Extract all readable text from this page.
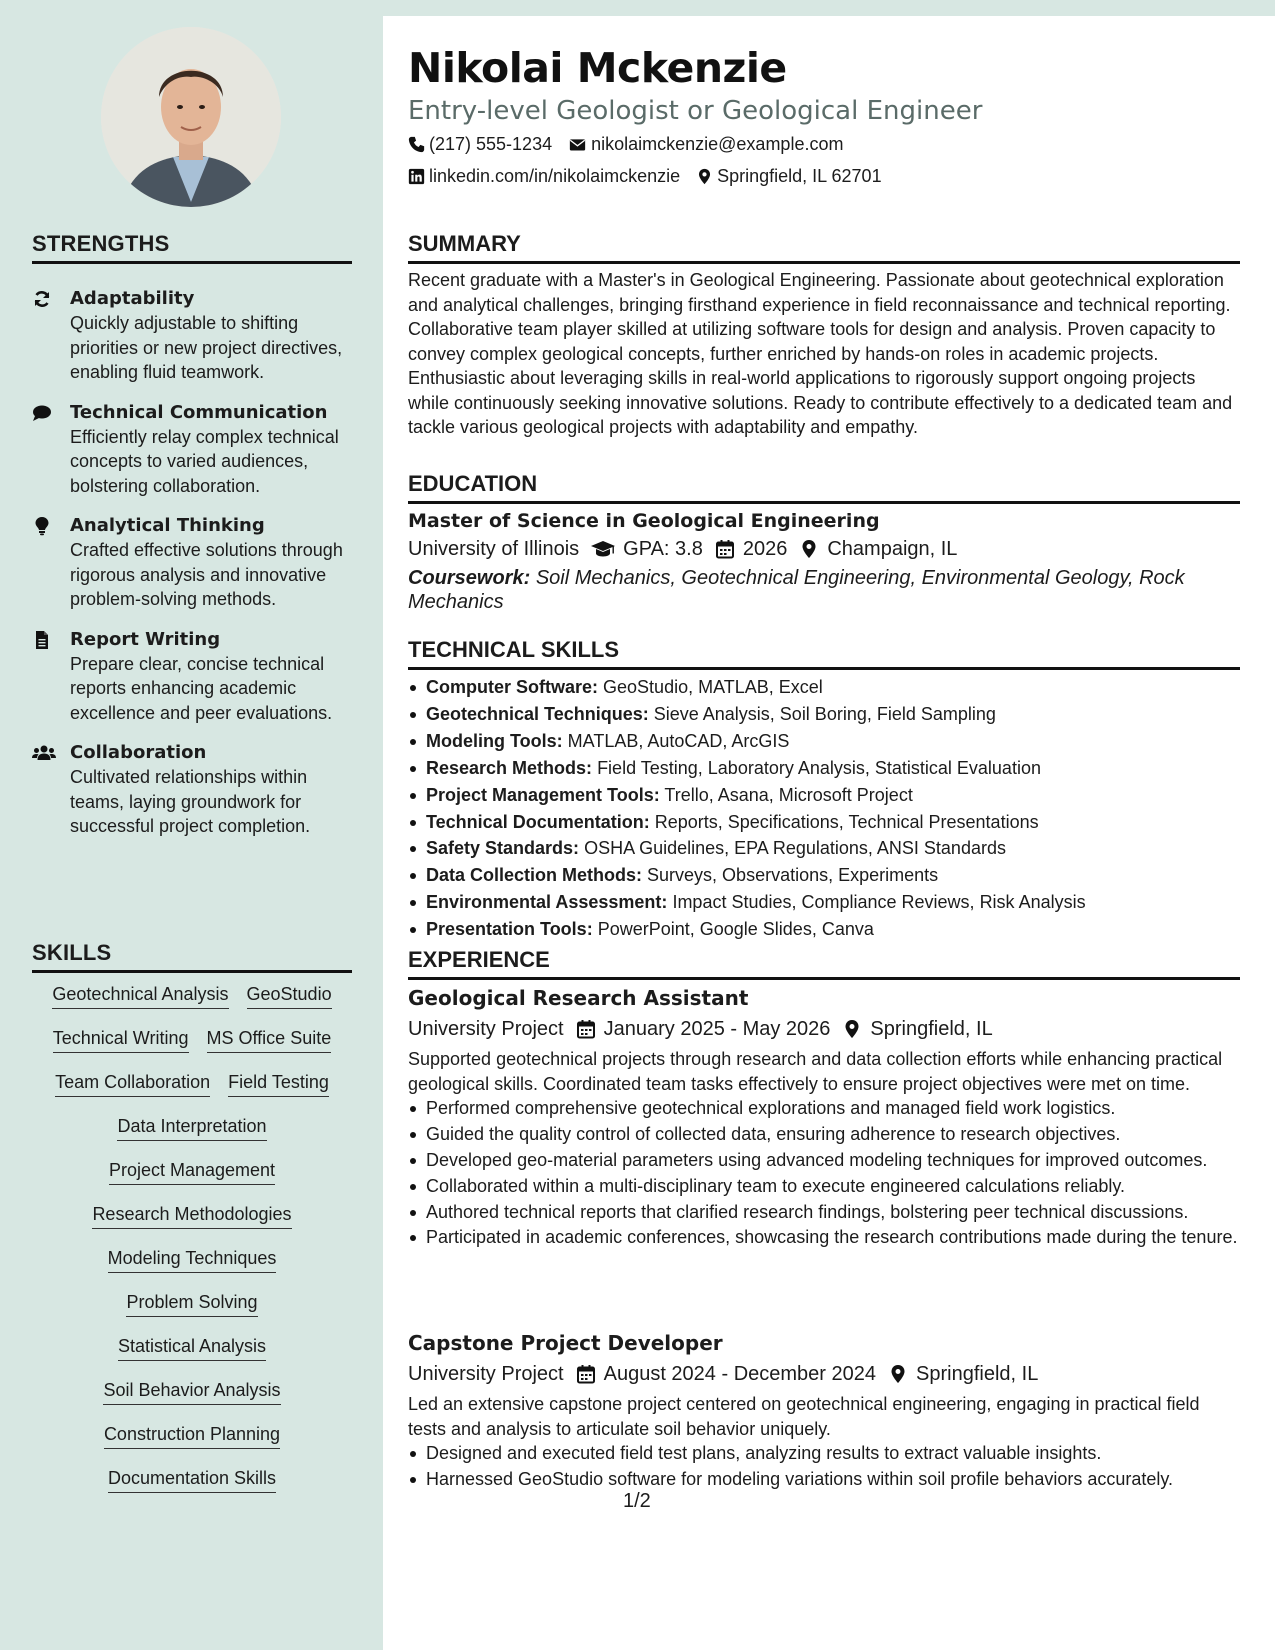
STRENGTHS
Adaptability
Quickly adjustable to shifting priorities or new project directives, enabling fluid teamwork.
Technical Communication
Efficiently relay complex technical concepts to varied audiences, bolstering collaboration.
Analytical Thinking
Crafted effective solutions through rigorous analysis and innovative problem-solving methods.
Report Writing
Prepare clear, concise technical reports enhancing academic excellence and peer evaluations.
Collaboration
Cultivated relationships within teams, laying groundwork for successful project completion.
SKILLS
Geotechnical Analysis GeoStudio
Technical Writing MS Office Suite
Team Collaboration Field Testing
Data Interpretation
Project Management
Research Methodologies
Modeling Techniques
Problem Solving
Statistical Analysis
Soil Behavior Analysis
Construction Planning
Documentation Skills
Nikolai Mckenzie
Entry-level Geologist or Geological Engineer
(217) 555-1234 nikolaimckenzie@example.com
linkedin.com/in/nikolaimckenzie Springfield, IL 62701
SUMMARY
Recent graduate with a Master's in Geological Engineering. Passionate about geotechnical exploration and analytical challenges, bringing firsthand experience in field reconnaissance and technical reporting. Collaborative team player skilled at utilizing software tools for design and analysis. Proven capacity to convey complex geological concepts, further enriched by hands-on roles in academic projects. Enthusiastic about leveraging skills in real-world applications to rigorously support ongoing projects while continuously seeking innovative solutions. Ready to contribute effectively to a dedicated team and tackle various geological projects with adaptability and empathy.
EDUCATION
Master of Science in Geological Engineering
University of Illinois GPA: 3.8 2026 Champaign, IL
Coursework: Soil Mechanics, Geotechnical Engineering, Environmental Geology, Rock Mechanics
TECHNICAL SKILLS
Computer Software: GeoStudio, MATLAB, Excel
Geotechnical Techniques: Sieve Analysis, Soil Boring, Field Sampling
Modeling Tools: MATLAB, AutoCAD, ArcGIS
Research Methods: Field Testing, Laboratory Analysis, Statistical Evaluation
Project Management Tools: Trello, Asana, Microsoft Project
Technical Documentation: Reports, Specifications, Technical Presentations
Safety Standards: OSHA Guidelines, EPA Regulations, ANSI Standards
Data Collection Methods: Surveys, Observations, Experiments
Environmental Assessment: Impact Studies, Compliance Reviews, Risk Analysis
Presentation Tools: PowerPoint, Google Slides, Canva
EXPERIENCE
Geological Research Assistant
University Project January 2025 - May 2026 Springfield, IL
Supported geotechnical projects through research and data collection efforts while enhancing practical geological skills. Coordinated team tasks effectively to ensure project objectives were met on time.
Performed comprehensive geotechnical explorations and managed field work logistics.
Guided the quality control of collected data, ensuring adherence to research objectives.
Developed geo-material parameters using advanced modeling techniques for improved outcomes.
Collaborated within a multi-disciplinary team to execute engineered calculations reliably.
Authored technical reports that clarified research findings, bolstering peer technical discussions.
Participated in academic conferences, showcasing the research contributions made during the tenure.
Capstone Project Developer
University Project August 2024 - December 2024 Springfield, IL
Led an extensive capstone project centered on geotechnical engineering, engaging in practical field tests and analysis to articulate soil behavior uniquely.
Designed and executed field test plans, analyzing results to extract valuable insights.
Harnessed GeoStudio software for modeling variations within soil profile behaviors accurately.
1/2
